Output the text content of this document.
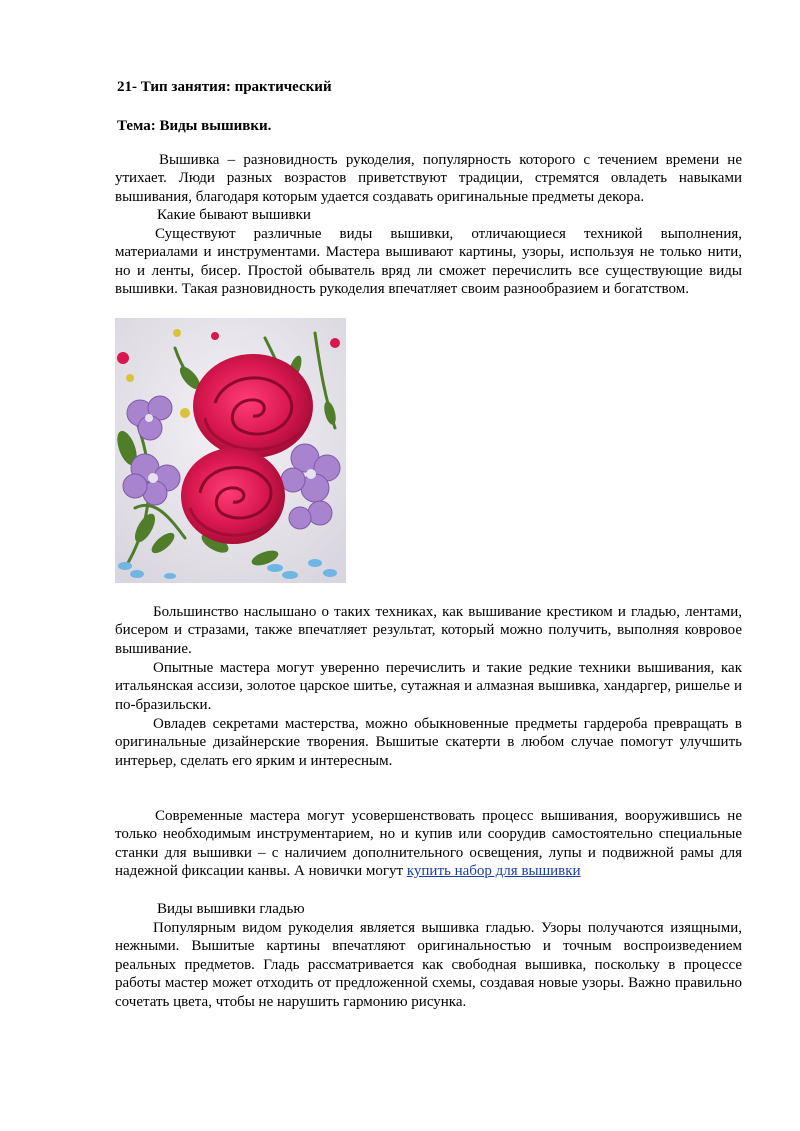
21- Тип занятия: практический

Тема: Виды вышивки.

Вышивка – разновидность рукоделия, популярность которого с течением времени не утихает. Люди разных возрастов приветствуют традиции, стремятся овладеть навыками вышивания, благодаря которым удается создавать оригинальные предметы декора.

Какие бывают вышивки

Существуют различные виды вышивки, отличающиеся техникой выполнения, материалами и инструментами. Мастера вышивают картины, узоры, используя не только нити, но и ленты, бисер. Простой обыватель вряд ли сможет перечислить все существующие виды вышивки. Такая разновидность рукоделия впечатляет своим разнообразием и богатством.

Большинство наслышано о таких техниках, как вышивание крестиком и гладью, лентами, бисером и стразами, также впечатляет результат, который можно получить, выполняя ковровое вышивание.

Опытные мастера могут уверенно перечислить и такие редкие техники вышивания, как итальянская ассизи, золотое царское шитье, сутажная и алмазная вышивка, хандаргер, ришелье и по-бразильски.

Овладев секретами мастерства, можно обыкновенные предметы гардероба превращать в оригинальные дизайнерские творения. Вышитые скатерти в любом случае помогут улучшить интерьер, сделать его ярким и интересным.

Современные мастера могут усовершенствовать процесс вышивания, вооружившись не только необходимым инструментарием, но и купив или соорудив самостоятельно специальные станки для вышивки – с наличием дополнительного освещения, лупы и подвижной рамы для надежной фиксации канвы. А новички могут купить набор для вышивки

Виды вышивки гладью

Популярным видом рукоделия является вышивка гладью. Узоры получаются изящными, нежными. Вышитые картины впечатляют оригинальностью и точным воспроизведением реальных предметов. Гладь рассматривается как свободная вышивка, поскольку в процессе работы мастер может отходить от предложенной схемы, создавая новые узоры. Важно правильно сочетать цвета, чтобы не нарушить гармонию рисунка.
